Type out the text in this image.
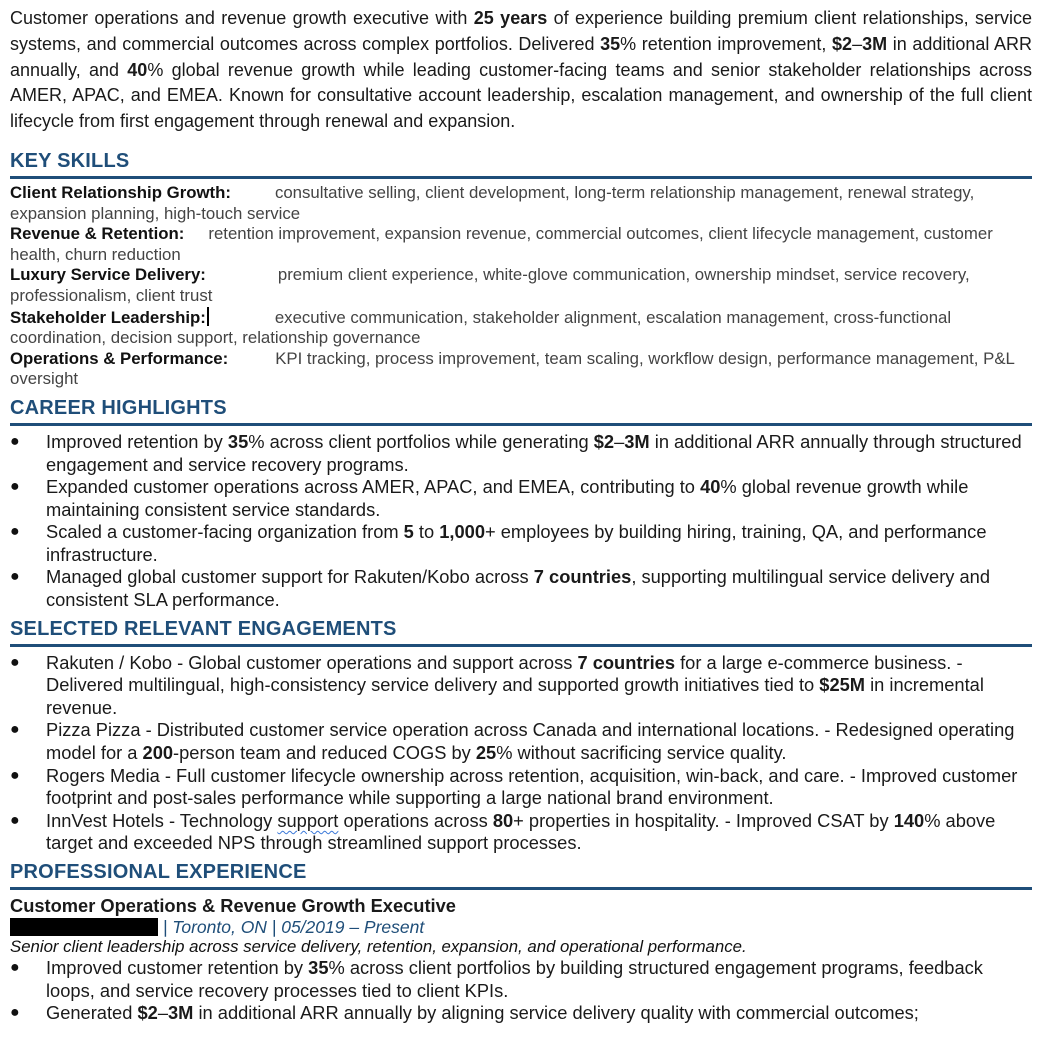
Customer operations and revenue growth executive with 25 years of experience building premium client relationships, service systems, and commercial outcomes across complex portfolios. Delivered 35% retention improvement, $2–3M in additional ARR annually, and 40% global revenue growth while leading customer-facing teams and senior stakeholder relationships across AMER, APAC, and EMEA. Known for consultative account leadership, escalation management, and ownership of the full client lifecycle from first engagement through renewal and expansion.

KEY SKILLS
Client Relationship Growth:	consultative selling, client development, long-term relationship management, renewal strategy, expansion planning, high-touch service
Revenue & Retention: retention improvement, expansion revenue, commercial outcomes, client lifecycle management, customer health, churn reduction
Luxury Service Delivery:	premium client experience, white-glove communication, ownership mindset, service recovery, professionalism, client trust
Stakeholder Leadership:	executive communication, stakeholder alignment, escalation management, cross-functional coordination, decision support, relationship governance
Operations & Performance:	KPI tracking, process improvement, team scaling, workflow design, performance management, P&L oversight
CAREER HIGHLIGHTS
● Improved retention by 35% across client portfolios while generating $2–3M in additional ARR annually through structured engagement and service recovery programs.
● Expanded customer operations across AMER, APAC, and EMEA, contributing to 40% global revenue growth while maintaining consistent service standards.
● Scaled a customer-facing organization from 5 to 1,000+ employees by building hiring, training, QA, and performance infrastructure.
● Managed global customer support for Rakuten/Kobo across 7 countries, supporting multilingual service delivery and consistent SLA performance.
SELECTED RELEVANT ENGAGEMENTS
● Rakuten / Kobo - Global customer operations and support across 7 countries for a large e-commerce business. - Delivered multilingual, high-consistency service delivery and supported growth initiatives tied to $25M in incremental revenue.
● Pizza Pizza - Distributed customer service operation across Canada and international locations. - Redesigned operating model for a 200-person team and reduced COGS by 25% without sacrificing service quality.
● Rogers Media - Full customer lifecycle ownership across retention, acquisition, win-back, and care. - Improved customer footprint and post-sales performance while supporting a large national brand environment.
● InnVest Hotels - Technology support operations across 80+ properties in hospitality. - Improved CSAT by 140% above target and exceeded NPS through streamlined support processes.
PROFESSIONAL EXPERIENCE
Customer Operations & Revenue Growth Executive
| Toronto, ON | 05/2019 – Present
Senior client leadership across service delivery, retention, expansion, and operational performance.
● Improved customer retention by 35% across client portfolios by building structured engagement programs, feedback loops, and service recovery processes tied to client KPIs.
● Generated $2–3M in additional ARR annually by aligning service delivery quality with commercial outcomes;
